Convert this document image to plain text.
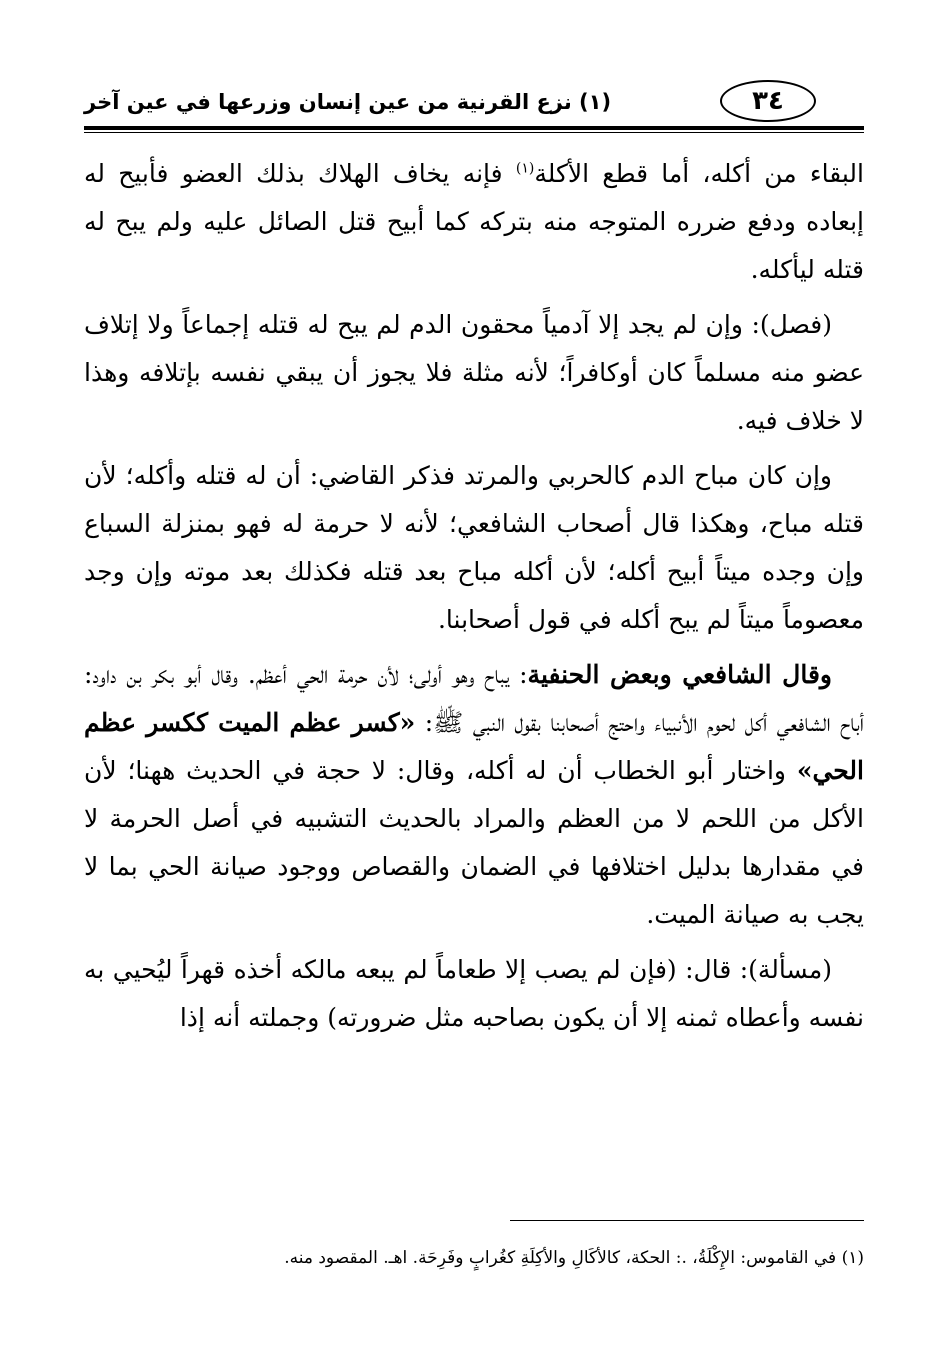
٣٤
(١) نزع القرنية من عين إنسان وزرعها في عين آخر

البقاء من أكله، أما قطع الأكلة$^{(١)}$ فإنه يخاف الهلاك بذلك العضو فأبيح له إبعاده ودفع ضرره المتوجه منه بتركه كما أبيح قتل الصائل عليه ولم يبح له قتله ليأكله.

(فصل): وإن لم يجد إلا آدمياً محقون الدم لم يبح له قتله إجماعاً ولا إتلاف عضو منه مسلماً كان أوكافراً؛ لأنه مثلة فلا يجوز أن يبقي نفسه بإتلافه وهذا لا خلاف فيه.

وإن كان مباح الدم كالحربي والمرتد فذكر القاضي: أن له قتله وأكله؛ لأن قتله مباح، وهكذا قال أصحاب الشافعي؛ لأنه لا حرمة له فهو بمنزلة السباع وإن وجده ميتاً أبيح أكله؛ لأن أكله مباح بعد قتله فكذلك بعد موته وإن وجد معصوماً ميتاً لم يبح أكله في قول أصحابنا.

وقال الشافعي وبعض الحنفية: يباح وهو أولى؛ لأن حرمة الحي أعظم. وقال أبو بكر بن داود: أباح الشافعي أكل لحوم الأنبياء واحتج أصحابنا بقول النبي ﷺ: «كسر عظم الميت ككسر عظم الحي» واختار أبو الخطاب أن له أكله، وقال: لا حجة في الحديث ههنا؛ لأن الأكل من اللحم لا من العظم والمراد بالحديث التشبيه في أصل الحرمة لا في مقدارها بدليل اختلافها في الضمان والقصاص ووجود صيانة الحي بما لا يجب به صيانة الميت.

(مسألة): قال: (فإن لم يصب إلا طعاماً لم يبعه مالكه أخذه قهراً ليُحيي به نفسه وأعطاه ثمنه إلا أن يكون بصاحبه مثل ضرورته) وجملته أنه إذا

(١) في القاموس: الإِكْلَةُ، .: الحكة، كالأكَالِ والأكِلَةِ كغُرابٍ وفَرِحَة. اهـ. المقصود منه.
